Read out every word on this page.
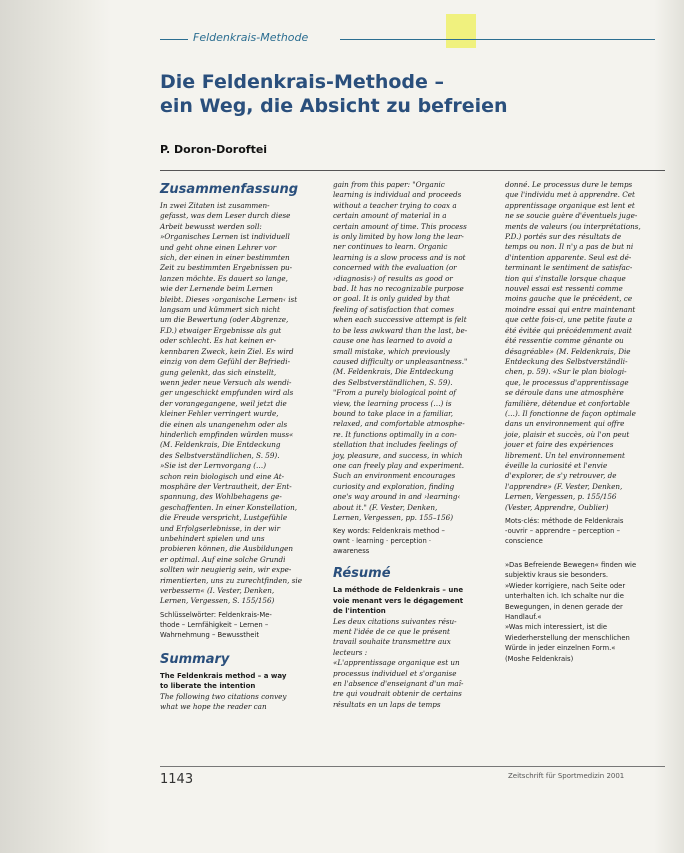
Feldenkrais-Methode
Die Feldenkrais-Methode –
ein Weg, die Absicht zu befreien
P. Doron-Doroftei
Zusammenfassung

In zwei Zitaten ist zusammen-
gefasst, was dem Leser durch diese
Arbeit bewusst werden soll:
»Organisches Lernen ist individuell
und geht ohne einen Lehrer vor
sich, der einen in einer bestimmten
Zeit zu bestimmten Ergebnissen pu-
lanzen möchte. Es dauert so lange,
wie der Lernende beim Lernen
bleibt. Dieses ›organische Lernen‹ ist
langsam und kümmert sich nicht
um die Bewertung (oder Abgrenze,
F.D.) etwaiger Ergebnisse als gut
oder schlecht. Es hat keinen er-
kennbaren Zweck, kein Ziel. Es wird
einzig von dem Gefühl der Befriedi-
gung gelenkt, das sich einstellt,
wenn jeder neue Versuch als wendi-
ger ungeschickt empfunden wird als
der vorangegangene, weil jetzt die
kleiner Fehler verringert wurde,
die einen als unangenehm oder als
hinderlich empfinden würden muss«
(M. Feldenkrais, Die Entdeckung
des Selbstverständlichen, S. 59).
»Sie ist der Lernvorgang (…)
schon rein biologisch und eine At-
mosphäre der Vertrautheit, der Ent-
spannung, des Wohlbehagens ge-
geschaffenten. In einer Konstellation,
die Freude verspricht, Lustgefühle
und Erfolgserlebnisse, in der wir
unbehindert spielen und uns
probieren können, die Ausbildungen
er optimal. Auf eine solche Grundi
sollten wir neugierig sein, wir expe-
rimentierten, uns zu zurechtfinden, sie
verbessern« (I. Vester, Denken,
Lernen, Vergessen, S. 155/156)

Schlüsselwörter: Feldenkrais-Me-
thode – Lernfähigkeit – Lernen –
Wahrnehmung – Bewusstheit

Summary

The Feldenkrais method – a way
to liberate the intention

The following two citations convey
what we hope the reader can

gain from this paper: "Organic
learning is individual and proceeds
without a teacher trying to coax a
certain amount of material in a
certain amount of time. This process
is only limited by how long the lear-
ner continues to learn. Organic
learning is a slow process and is not
concerned with the evaluation (or
›diagnosis›) of results as good or
bad. It has no recognizable purpose
or goal. It is only guided by that
feeling of satisfaction that comes
when each successive attempt is felt
to be less awkward than the last, be-
cause one has learned to avoid a
small mistake, which previously
caused difficulty or unpleasantness."
(M. Feldenkrais, Die Entdeckung
des Selbstverständlichen, S. 59).
"From a purely biological point of
view, the learning process (…) is
bound to take place in a familiar,
relaxed, and comfortable atmosphe-
re. It functions optimally in a con-
stellation that includes feelings of
joy, pleasure, and success, in which
one can freely play and experiment.
Such an environment encourages
curiosity and exploration, finding
one's way around in and ›learning‹
about it." (F. Vester, Denken,
Lernen, Vergessen, pp. 155–156)

Key words: Feldenkrais method –
ownt · learning · perception ·
awareness

Résumé

La méthode de Feldenkrais – une
voie menant vers le dégagement
de l'intention

Les deux citations suivantes résu-
ment l'idée de ce que le présent
travail souhaite transmettre aux
lecteurs :
«L'apprentissage organique est un
processus individuel et s'organise
en l'absence d'enseignant d'un maî-
tre qui voudrait obtenir de certains
résultats en un laps de temps

donné. Le processus dure le temps
que l'individu met à apprendre. Cet
apprentissage organique est lent et
ne se soucie guère d'éventuels juge-
ments de valeurs (ou interprétations,
P.D.) portés sur des résultats de
temps ou non. Il n'y a pas de but ni
d'intention apparente. Seul est dé-
terminant le sentiment de satisfac-
tion qui s'installe lorsque chaque
nouvel essai est ressenti comme
moins gauche que le précédent, ce
moindre essai qui entre maintenant
que cette fois-ci, une petite faute a
été évitée qui précédemment avait
été ressentie comme gênante ou
désagréable» (M. Feldenkrais, Die
Entdeckung des Selbstverständli-
chen, p. 59). «Sur le plan biologi-
que, le processus d'apprentissage
se déroule dans une atmosphère
familière, détendue et confortable
(…). Il fonctionne de façon optimale
dans un environnement qui offre
joie, plaisir et succès, où l'on peut
jouer et faire des expériences
librement. Un tel environnement
éveille la curiosité et l'envie
d'explorer, de s'y retrouver, de
l'apprendre» (F. Vester, Denken,
Lernen, Vergessen, p. 155/156
(Vester, Apprendre, Oublier)

Mots-clés: méthode de Feldenkrais
-ouvrir – apprendre – perception –
conscience

»Das Befreiende Bewegen« finden wie
subjektiv kraus sie besonders.
»Wieder korrigiere, nach Seite oder
unterhalten ich. Ich schalte nur die
Bewegungen, in denen gerade der
Handlauf.«
»Was mich interessiert, ist die
Wiederherstellung der menschlichen
Würde in jeder einzelnen Form.«
(Moshe Feldenkrais)

1143	Zeitschrift für Sportmedizin 2001
